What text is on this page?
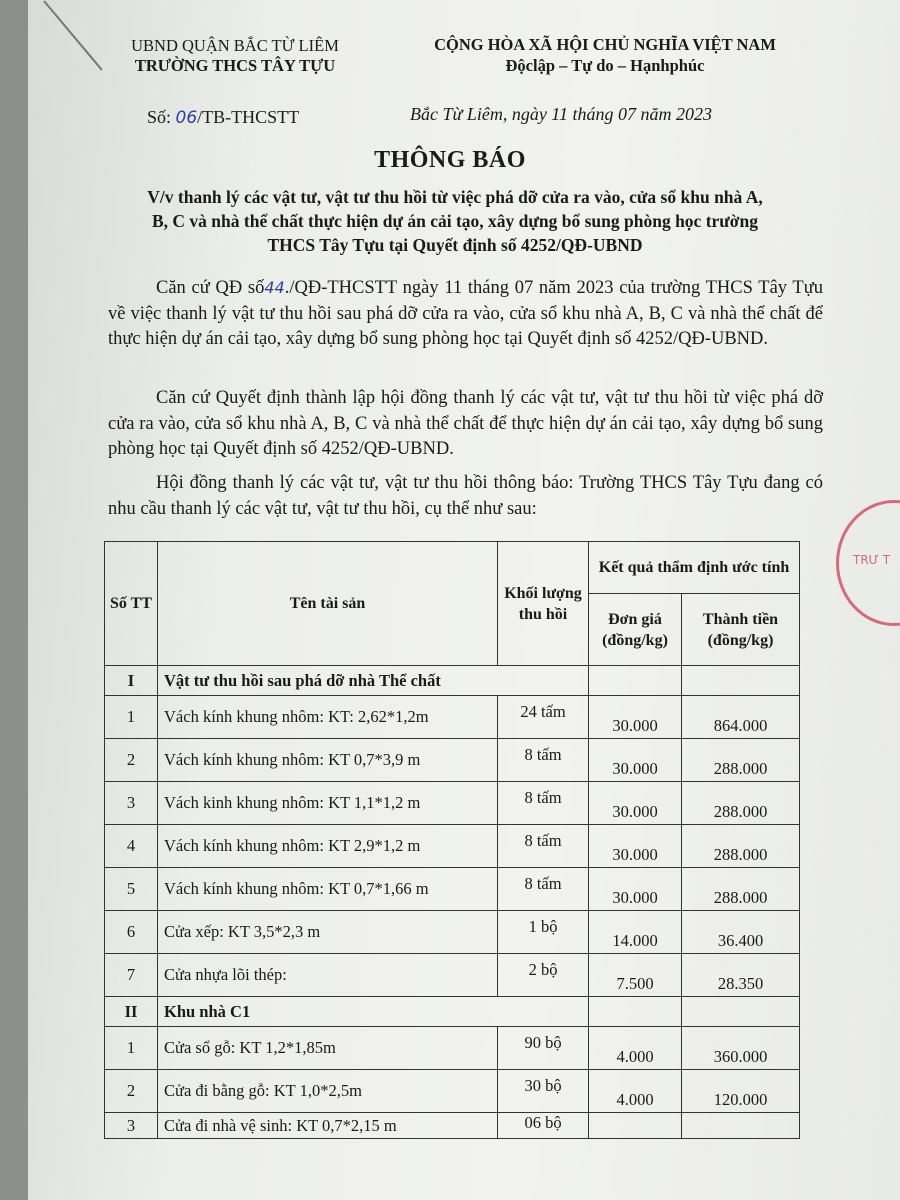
UBND QUẬN BẮC TỪ LIÊM
TRƯỜNG THCS TÂY TỰU
CỘNG HÒA XÃ HỘI CHỦ NGHĨA VIỆT NAM
Độclập – Tự do – Hạnhphúc
Số: 06/TB-THCSTT	Bắc Từ Liêm, ngày 11 tháng 07 năm 2023
THÔNG BÁO
V/v thanh lý các vật tư, vật tư thu hồi từ việc phá dỡ cửa ra vào, cửa sổ khu nhà A,
B, C và nhà thể chất thực hiện dự án cải tạo, xây dựng bổ sung phòng học trường
THCS Tây Tựu tại Quyết định số 4252/QĐ-UBND
Căn cứ QĐ số44./QĐ-THCSTT ngày 11 tháng 07 năm 2023 của trường THCS Tây Tựu về việc thanh lý vật tư thu hồi sau phá dỡ cửa ra vào, cửa sổ khu nhà A, B, C và nhà thể chất để thực hiện dự án cải tạo, xây dựng bổ sung phòng học tại Quyết định số 4252/QĐ-UBND.
Căn cứ Quyết định thành lập hội đồng thanh lý các vật tư, vật tư thu hồi từ việc phá dỡ cửa ra vào, cửa sổ khu nhà A, B, C và nhà thể chất để thực hiện dự án cải tạo, xây dựng bổ sung phòng học tại Quyết định số 4252/QĐ-UBND.
Hội đồng thanh lý các vật tư, vật tư thu hồi thông báo: Trường THCS Tây Tựu đang có nhu cầu thanh lý các vật tư, vật tư thu hồi, cụ thể như sau:
TRƯ T
Số TT	Tên tài sản	Khối lượng thu hồi	Kết quả thẩm định ước tính	
			Đơn giá (đồng/kg)	Thành tiền (đồng/kg)
I	Vật tư thu hồi sau phá dỡ nhà Thể chất			
1	Vách kính khung nhôm: KT: 2,62*1,2m	24 tấm	30.000	864.000
2	Vách kính khung nhôm: KT 0,7*3,9 m	8 tấm	30.000	288.000
3	Vách kinh khung nhôm: KT 1,1*1,2 m	8 tấm	30.000	288.000
4	Vách kính khung nhôm: KT 2,9*1,2 m	8 tấm	30.000	288.000
5	Vách kính khung nhôm: KT 0,7*1,66 m	8 tấm	30.000	288.000
6	Cửa xếp: KT 3,5*2,3 m	1 bộ	14.000	36.400
7	Cửa nhựa lõi thép:	2 bộ	7.500	28.350
II	Khu nhà C1			
1	Cửa sổ gỗ: KT 1,2*1,85m	90 bộ	4.000	360.000
2	Cửa đi bằng gỗ: KT 1,0*2,5m	30 bộ	4.000	120.000
3	Cửa đi nhà vệ sinh: KT 0,7*2,15 m	06 bộ		
